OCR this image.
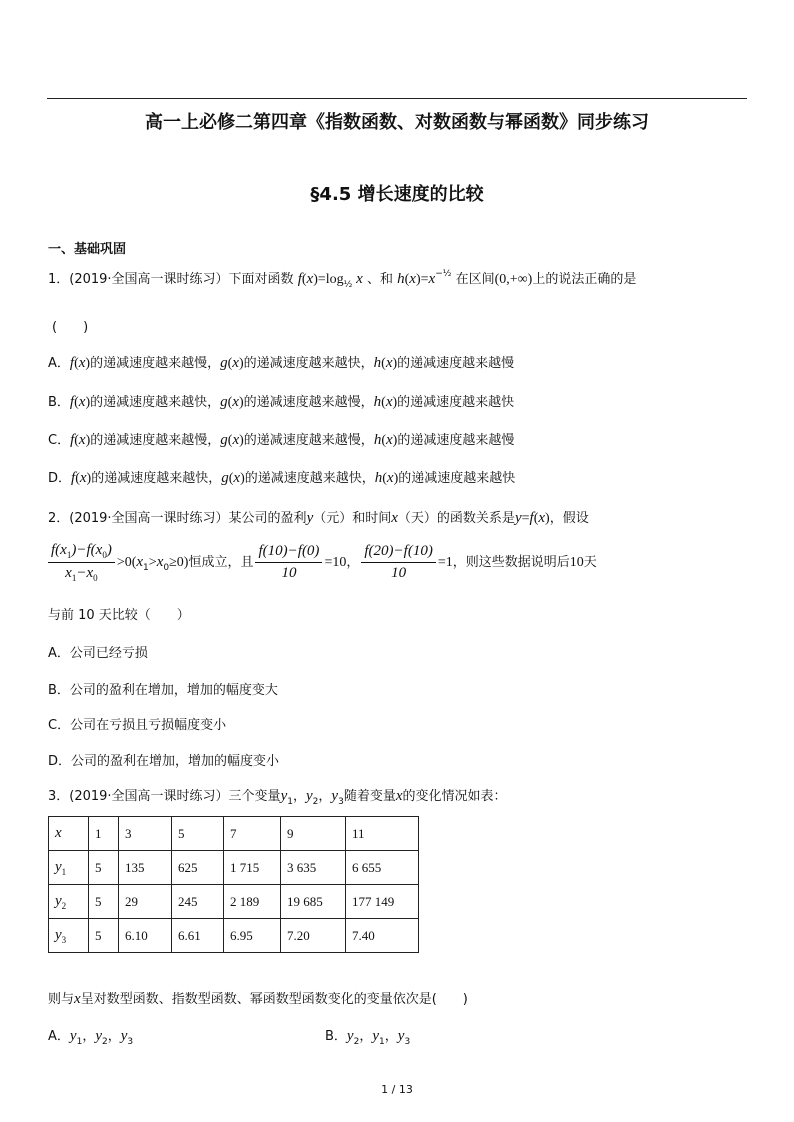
高一上必修二第四章《指数函数、对数函数与幂函数》同步练习
§4.5 增长速度的比较
一、基础巩固
1．(2019·全国高一课时练习）下面对函数 $f(x)=\log_{\frac{1}{2}}$ x 、和 $h(x)=x^{-\frac{1}{2}}$ 在区间(0,+∞)上的说法正确的是
(　　)
A．f(x)的递减速度越来越慢，g(x)的递减速度越来越快，h(x)的递减速度越来越慢
B．f(x)的递减速度越来越快，g(x)的递减速度越来越慢，h(x)的递减速度越来越快
C．f(x)的递减速度越来越慢，g(x)的递减速度越来越慢，h(x)的递减速度越来越慢
D．f(x)的递减速度越来越快，g(x)的递减速度越来越快，h(x)的递减速度越来越快
2．(2019·全国高一课时练习）某公司的盈利y（元）和时间x（天）的函数关系是y=f(x)，假设
$\frac{f(x_1)-f(x_0)}{x_1-x_0} >0(x_1>x_0\ge 0)$恒成立，且 $\frac{f(10)-f(0)}{10} =10$， $\frac{f(20)-f(10)}{10} =1$，则这些数据说明后10天
与前 10 天比较（　　）
A．公司已经亏损
B．公司的盈利在增加，增加的幅度变大
C．公司在亏损且亏损幅度变小
D．公司的盈利在增加，增加的幅度变小
3．(2019·全国高一课时练习）三个变量$y_1$，$y_2$，$y_3$随着变量x的变化情况如表：
x	1	3	5	7	9	11
$y_1$	5	135	625	1 715	3 635	6 655
$y_2$	5	29	245	2 189	19 685	177 149
$y_3$	5	6.10	6.61	6.95	7.20	7.40
则与x呈对数型函数、指数型函数、幂函数型函数变化的变量依次是(　　)
A．$y_1$，$y_2$，$y_3$	B．$y_2$，$y_1$，$y_3$
1 / 13
